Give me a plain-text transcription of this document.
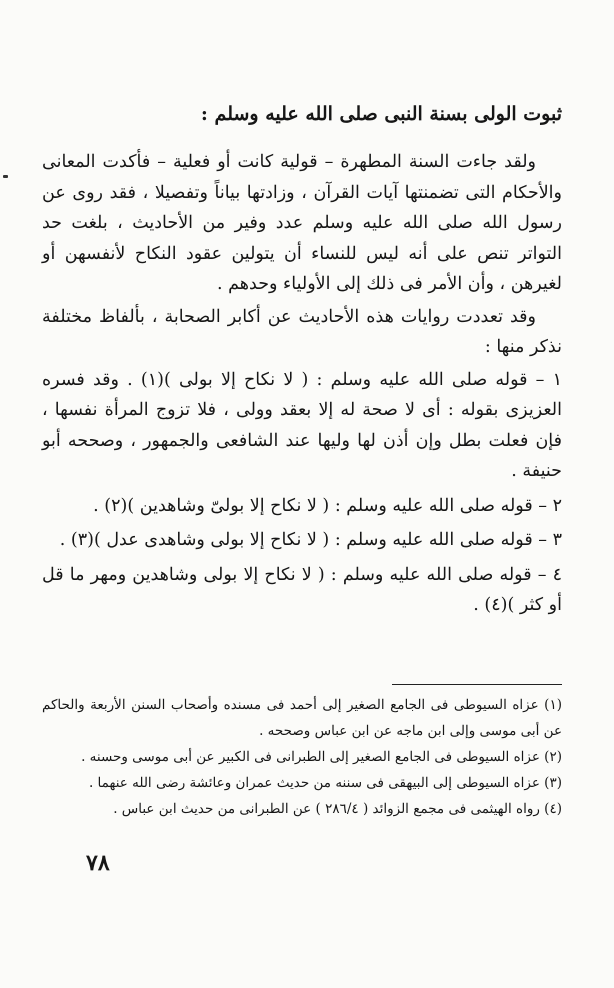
ثبوت الولى بسنة النبى صلى الله عليه وسلم :

ولقد جاءت السنة المطهرة – قولية كانت أو فعلية – فأكدت المعانى والأحكام التى تضمنتها آيات القرآن ، وزادتها بياناً وتفصيلا ، فقد روى عن رسول الله صلى الله عليه وسلم عدد وفير من الأحاديث ، بلغت حد التواتر تنص على أنه ليس للنساء أن يتولين عقود النكاح لأنفسهن أو لغيرهن ، وأن الأمر فى ذلك إلى الأولياء وحدهم .

وقد تعددت روايات هذه الأحاديث عن أكابر الصحابة ، بألفاظ مختلفة نذكر منها :

١ – قوله صلى الله عليه وسلم : ( لا نكاح إلا بولى )(١) . وقد فسره العزيزى بقوله : أى لا صحة له إلا بعقد وولى ، فلا تزوج المرأة نفسها ، فإن فعلت بطل وإن أذن لها وليها عند الشافعى والجمهور ، وصححه أبو حنيفة .

٢ – قوله صلى الله عليه وسلم : ( لا نكاح إلا بولىّ وشاهدين )(٢) .

٣ – قوله صلى الله عليه وسلم : ( لا نكاح إلا بولى وشاهدى عدل )(٣) .

٤ – قوله صلى الله عليه وسلم : ( لا نكاح إلا بولى وشاهدين ومهر ما قل أو كثر )(٤) .

(١) عزاه السيوطى فى الجامع الصغير إلى أحمد فى مسنده وأصحاب السنن الأربعة والحاكم عن أبى موسى وإلى ابن ماجه عن ابن عباس وصححه .

(٢) عزاه السيوطى فى الجامع الصغير إلى الطبرانى فى الكبير عن أبى موسى وحسنه .

(٣) عزاه السيوطى إلى البيهقى فى سننه من حديث عمران وعائشة رضى الله عنهما .

(٤) رواه الهيثمى فى مجمع الزوائد ( ٢٨٦/٤ ) عن الطبرانى من حديث ابن عباس .

٧٨
